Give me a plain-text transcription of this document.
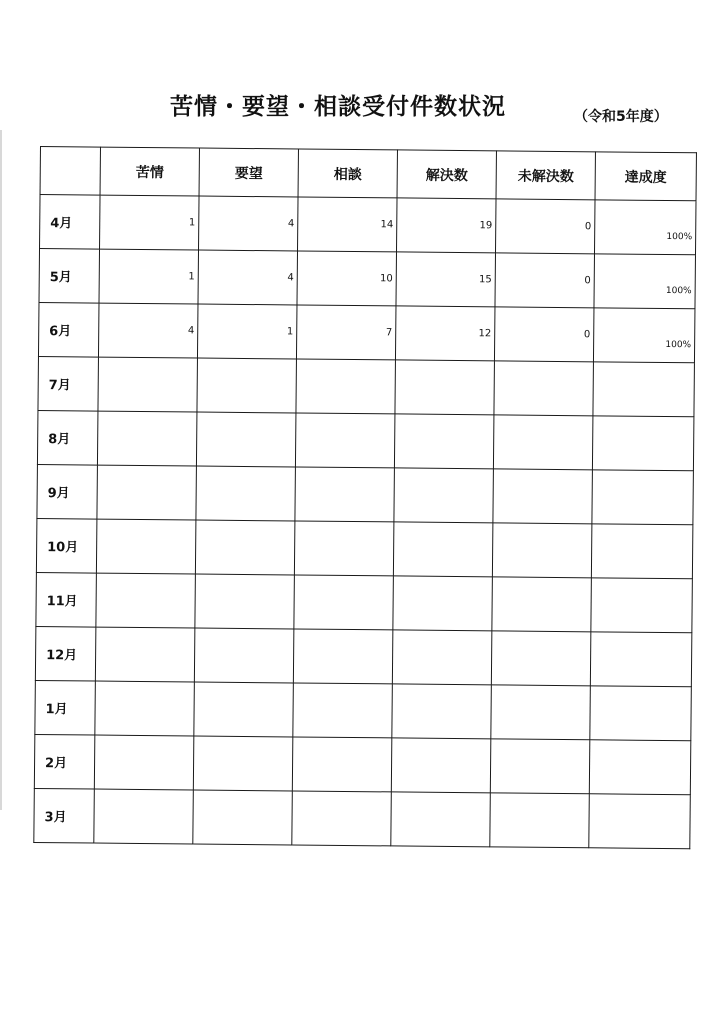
苦情・要望・相談受付件数状況	（令和5年度）
	苦情	要望	相談	解決数	未解決数	達成度
4月	1	4	14	19	0	100%
5月	1	4	10	15	0	100%
6月	4	1	7	12	0	100%
7月						
8月						
9月						
10月						
11月						
12月						
1月						
2月						
3月						
